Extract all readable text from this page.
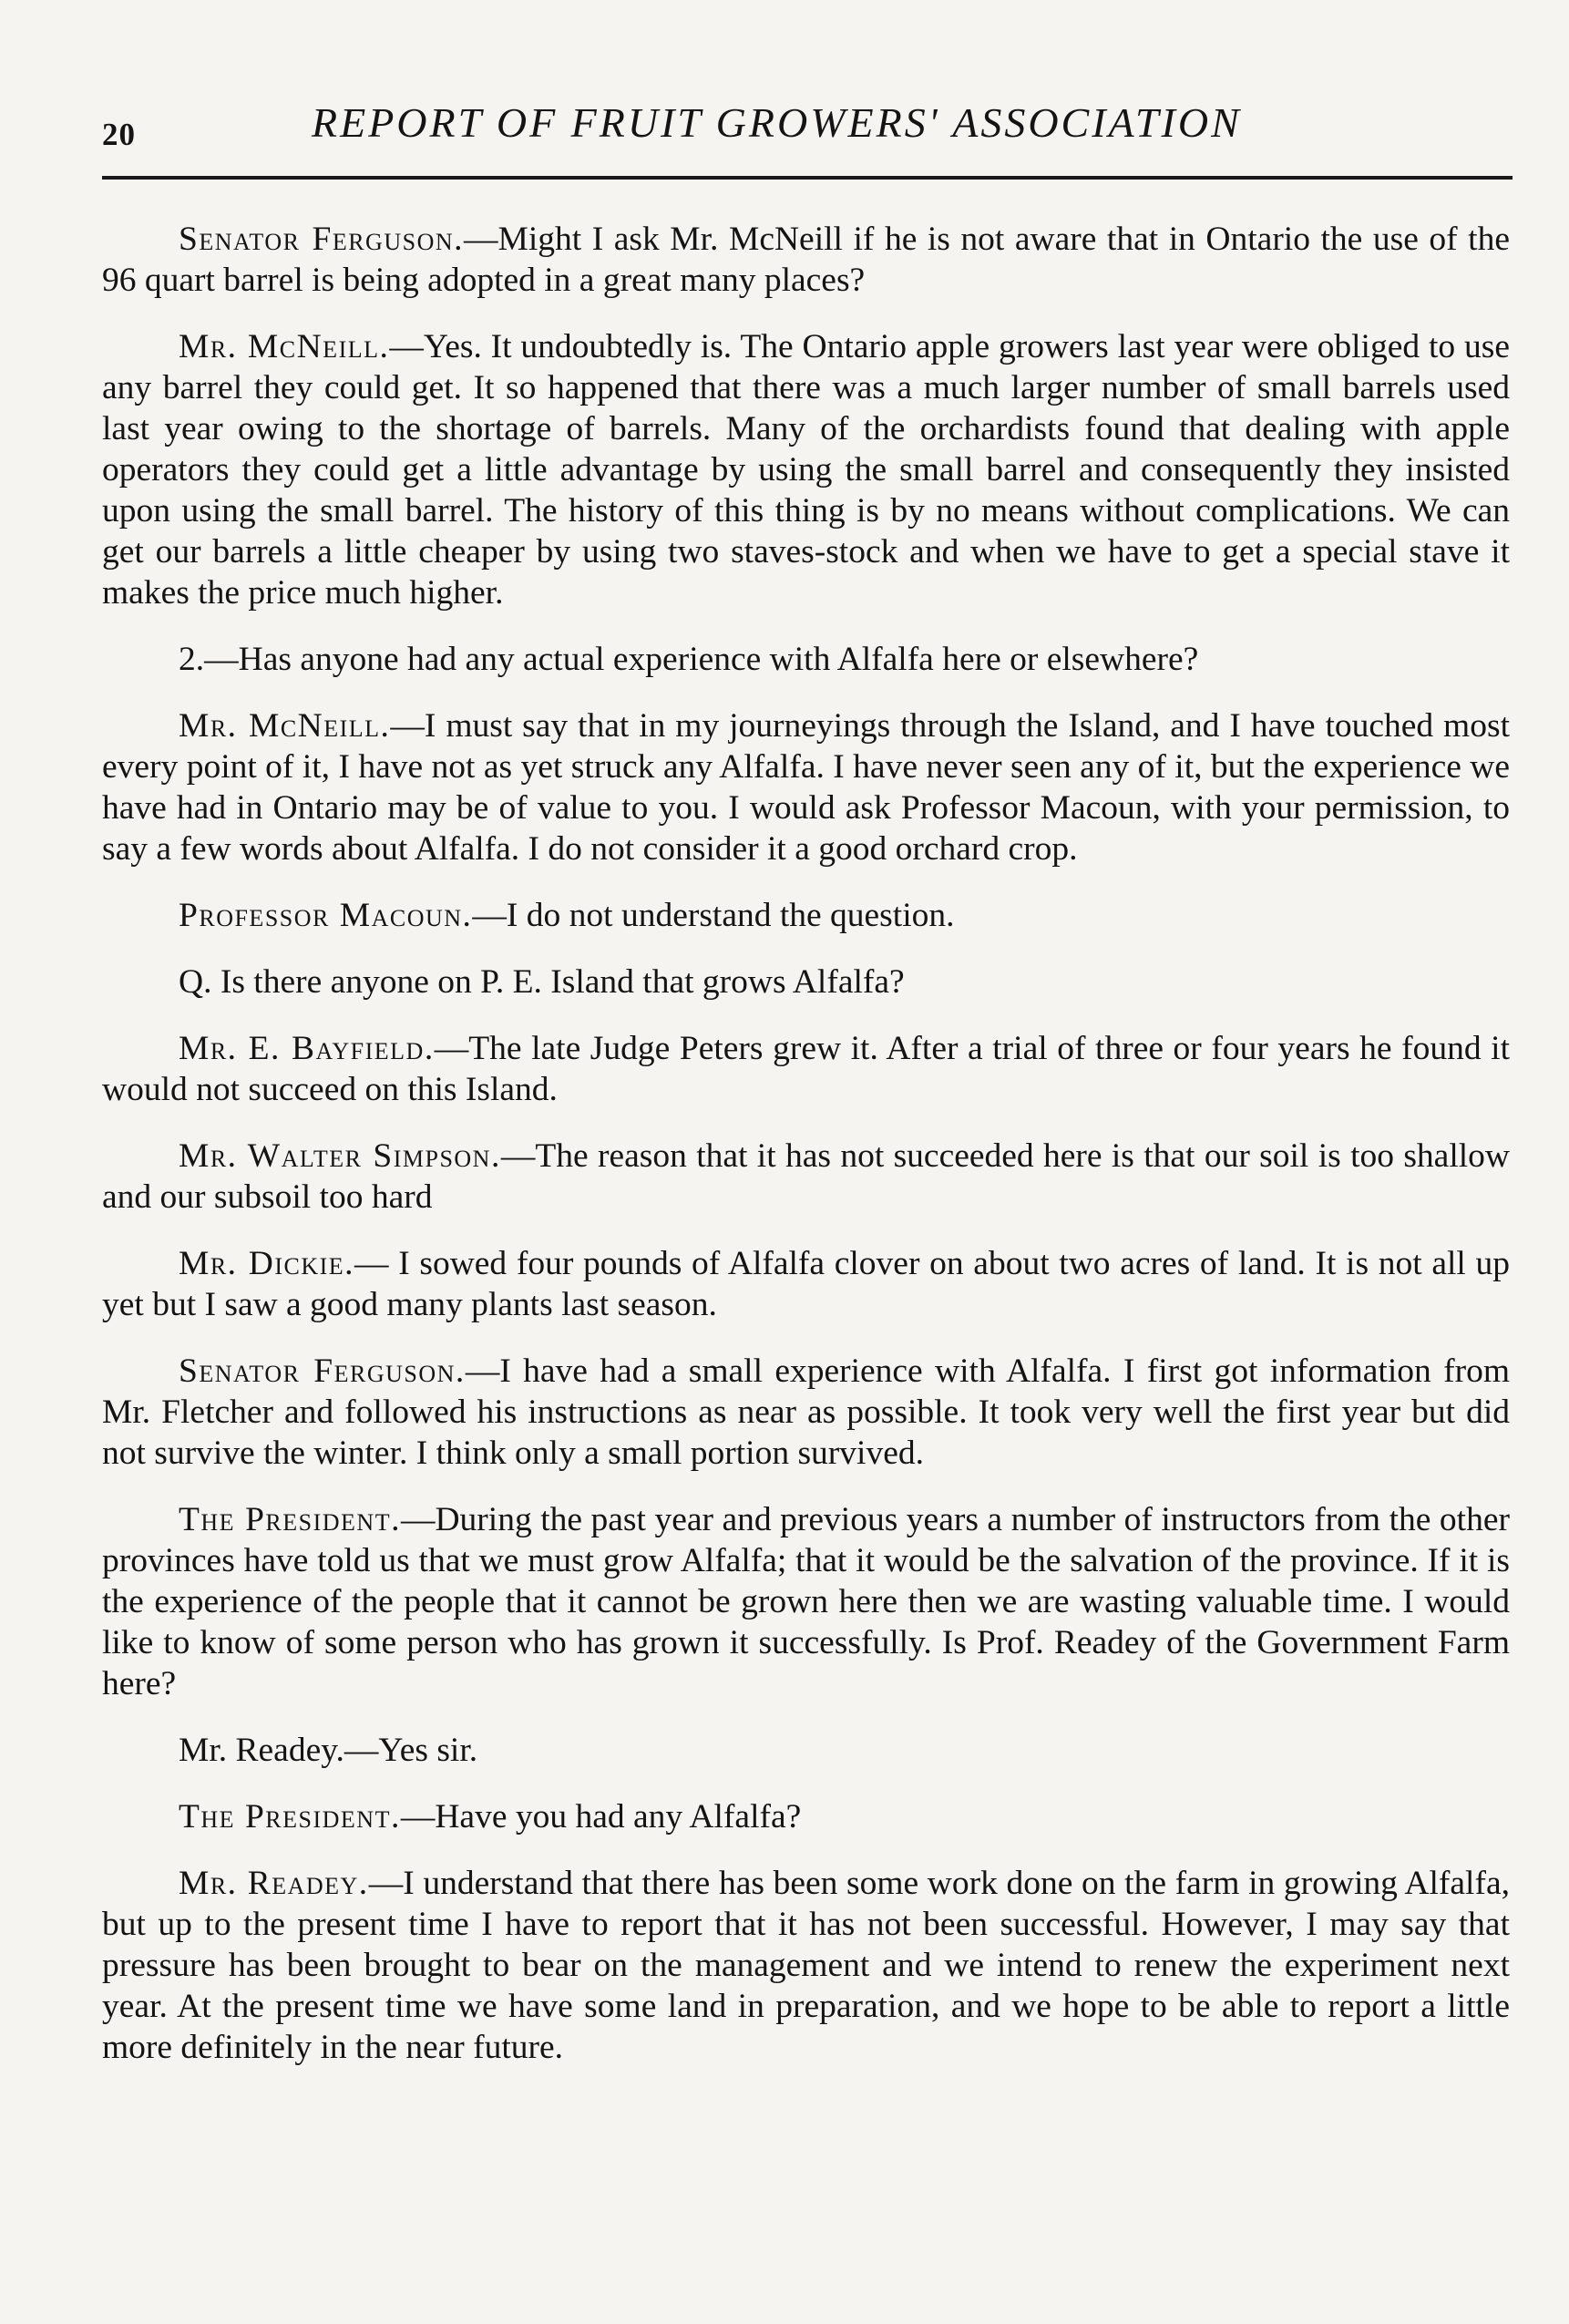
20	REPORT OF FRUIT GROWERS' ASSOCIATION

Senator Ferguson.—Might I ask Mr. McNeill if he is not aware that in Ontario the use of the 96 quart barrel is being adopted in a great many places?

Mr. McNeill.—Yes. It undoubtedly is. The Ontario apple growers last year were obliged to use any barrel they could get. It so happened that there was a much larger number of small barrels used last year owing to the shortage of barrels. Many of the orchardists found that dealing with apple operators they could get a little advantage by using the small barrel and consequently they insisted upon using the small barrel. The history of this thing is by no means without complications. We can get our barrels a little cheaper by using two staves-stock and when we have to get a special stave it makes the price much higher.

2.—Has anyone had any actual experience with Alfalfa here or elsewhere?

Mr. McNeill.—I must say that in my journeyings through the Island, and I have touched most every point of it, I have not as yet struck any Alfalfa. I have never seen any of it, but the experience we have had in Ontario may be of value to you. I would ask Professor Macoun, with your permission, to say a few words about Alfalfa. I do not consider it a good orchard crop.

Professor Macoun.—I do not understand the question.

Q. Is there anyone on P. E. Island that grows Alfalfa?

Mr. E. Bayfield.—The late Judge Peters grew it. After a trial of three or four years he found it would not succeed on this Island.

Mr. Walter Simpson.—The reason that it has not succeeded here is that our soil is too shallow and our subsoil too hard

Mr. Dickie.— I sowed four pounds of Alfalfa clover on about two acres of land. It is not all up yet but I saw a good many plants last season.

Senator Ferguson.—I have had a small experience with Alfalfa. I first got information from Mr. Fletcher and followed his instructions as near as possible. It took very well the first year but did not survive the winter. I think only a small portion survived.

The President.—During the past year and previous years a number of instructors from the other provinces have told us that we must grow Alfalfa; that it would be the salvation of the province. If it is the experience of the people that it cannot be grown here then we are wasting valuable time. I would like to know of some person who has grown it successfully. Is Prof. Readey of the Government Farm here?

Mr. Readey.—Yes sir.

The President.—Have you had any Alfalfa?

Mr. Readey.—I understand that there has been some work done on the farm in growing Alfalfa, but up to the present time I have to report that it has not been successful. However, I may say that pressure has been brought to bear on the management and we intend to renew the experiment next year. At the present time we have some land in preparation, and we hope to be able to report a little more definitely in the near future.
